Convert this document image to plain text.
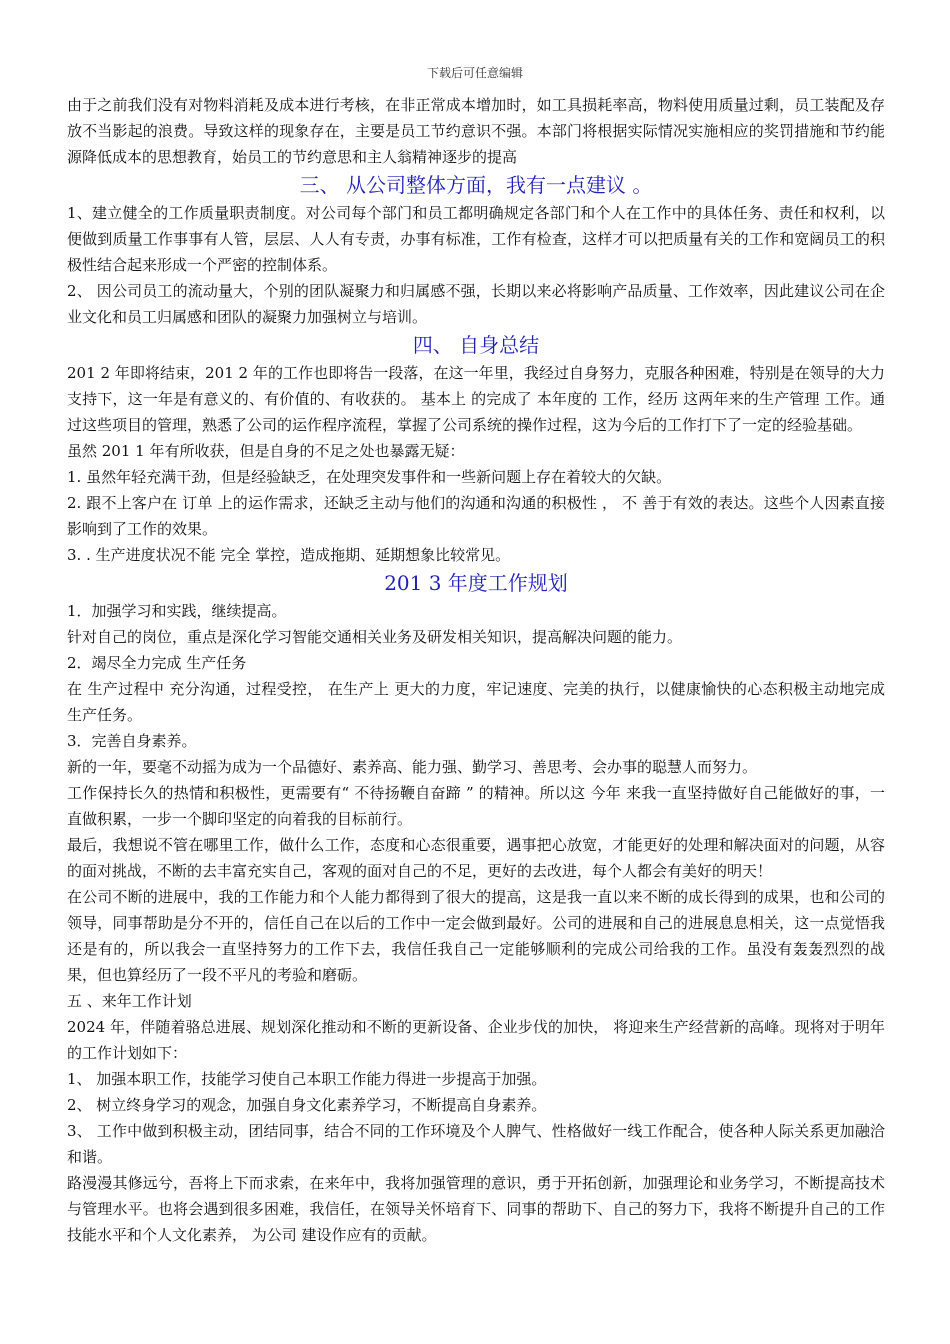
下载后可任意编辑

由于之前我们没有对物料消耗及成本进行考核，在非正常成本增加时，如工具损耗率高，物料使用质量过剩，员工装配及存放不当影起的浪费。导致这样的现象存在，主要是员工节约意识不强。本部门将根据实际情况实施相应的奖罚措施和节约能源降低成本的思想教育，始员工的节约意思和主人翁精神逐步的提高

三、 从公司整体方面，我有一点建议 。

1、建立健全的工作质量职责制度。对公司每个部门和员工都明确规定各部门和个人在工作中的具体任务、责任和权利，以便做到质量工作事事有人管，层层、人人有专责，办事有标准，工作有检查，这样才可以把质量有关的工作和宽阔员工的积极性结合起来形成一个严密的控制体系。

2、 因公司员工的流动量大，个别的团队凝聚力和归属感不强，长期以来必将影响产品质量、工作效率，因此建议公司在企业文化和员工归属感和团队的凝聚力加强树立与培训。

四、 自身总结

201 2 年即将结束，201 2 年的工作也即将告一段落，在这一年里，我经过自身努力，克服各种困难，特别是在领导的大力支持下，这一年是有意义的、有价值的、有收获的。 基本上 的完成了 本年度的 工作，经历 这两年来的生产管理 工作。通过这些项目的管理，熟悉了公司的运作程序流程，掌握了公司系统的操作过程，这为今后的工作打下了一定的经验基础。

虽然 201 1 年有所收获，但是自身的不足之处也暴露无疑：

1. 虽然年轻充满干劲，但是经验缺乏，在处理突发事件和一些新问题上存在着较大的欠缺。

2. 跟不上客户在 订单 上的运作需求，还缺乏主动与他们的沟通和沟通的积极性 ， 不 善于有效的表达。这些个人因素直接影响到了工作的效果。

3. . 生产进度状况不能 完全 掌控，造成拖期、延期想象比较常见。

201 3 年度工作规划

1．加强学习和实践，继续提高。

针对自己的岗位，重点是深化学习智能交通相关业务及研发相关知识，提高解决问题的能力。

2．竭尽全力完成 生产任务

在 生产过程中 充分沟通，过程受控， 在生产上 更大的力度，牢记速度、完美的执行，以健康愉快的心态积极主动地完成 生产任务。

3．完善自身素养。

新的一年，要毫不动摇为成为一个品德好、素养高、能力强、勤学习、善思考、会办事的聪慧人而努力。

工作保持长久的热情和积极性，更需要有“ 不待扬鞭自奋蹄 ” 的精神。所以这 今年 来我一直坚持做好自己能做好的事，一直做积累，一步一个脚印坚定的向着我的目标前行。

最后，我想说不管在哪里工作，做什么工作，态度和心态很重要，遇事把心放宽，才能更好的处理和解决面对的问题，从容的面对挑战，不断的去丰富充实自己，客观的面对自己的不足，更好的去改进，每个人都会有美好的明天！

在公司不断的进展中，我的工作能力和个人能力都得到了很大的提高，这是我一直以来不断的成长得到的成果，也和公司的领导，同事帮助是分不开的，信任自己在以后的工作中一定会做到最好。公司的进展和自己的进展息息相关，这一点觉悟我还是有的，所以我会一直坚持努力的工作下去，我信任我自己一定能够顺利的完成公司给我的工作。虽没有轰轰烈烈的战果，但也算经历了一段不平凡的考验和磨砺。

五 、来年工作计划

2024 年，伴随着骆总进展、规划深化推动和不断的更新设备、企业步伐的加快， 将迎来生产经营新的高峰。现将对于明年的工作计划如下：

1、 加强本职工作，技能学习使自己本职工作能力得进一步提高于加强。

2、 树立终身学习的观念，加强自身文化素养学习，不断提高自身素养。

3、 工作中做到积极主动，团结同事，结合不同的工作环境及个人脾气、性格做好一线工作配合，使各种人际关系更加融洽和谐。

路漫漫其修远兮，吾将上下而求索，在来年中，我将加强管理的意识，勇于开拓创新，加强理论和业务学习，不断提高技术与管理水平。也将会遇到很多困难，我信任，在领导关怀培育下、同事的帮助下、自己的努力下，我将不断提升自己的工作技能水平和个人文化素养， 为公司 建设作应有的贡献。
